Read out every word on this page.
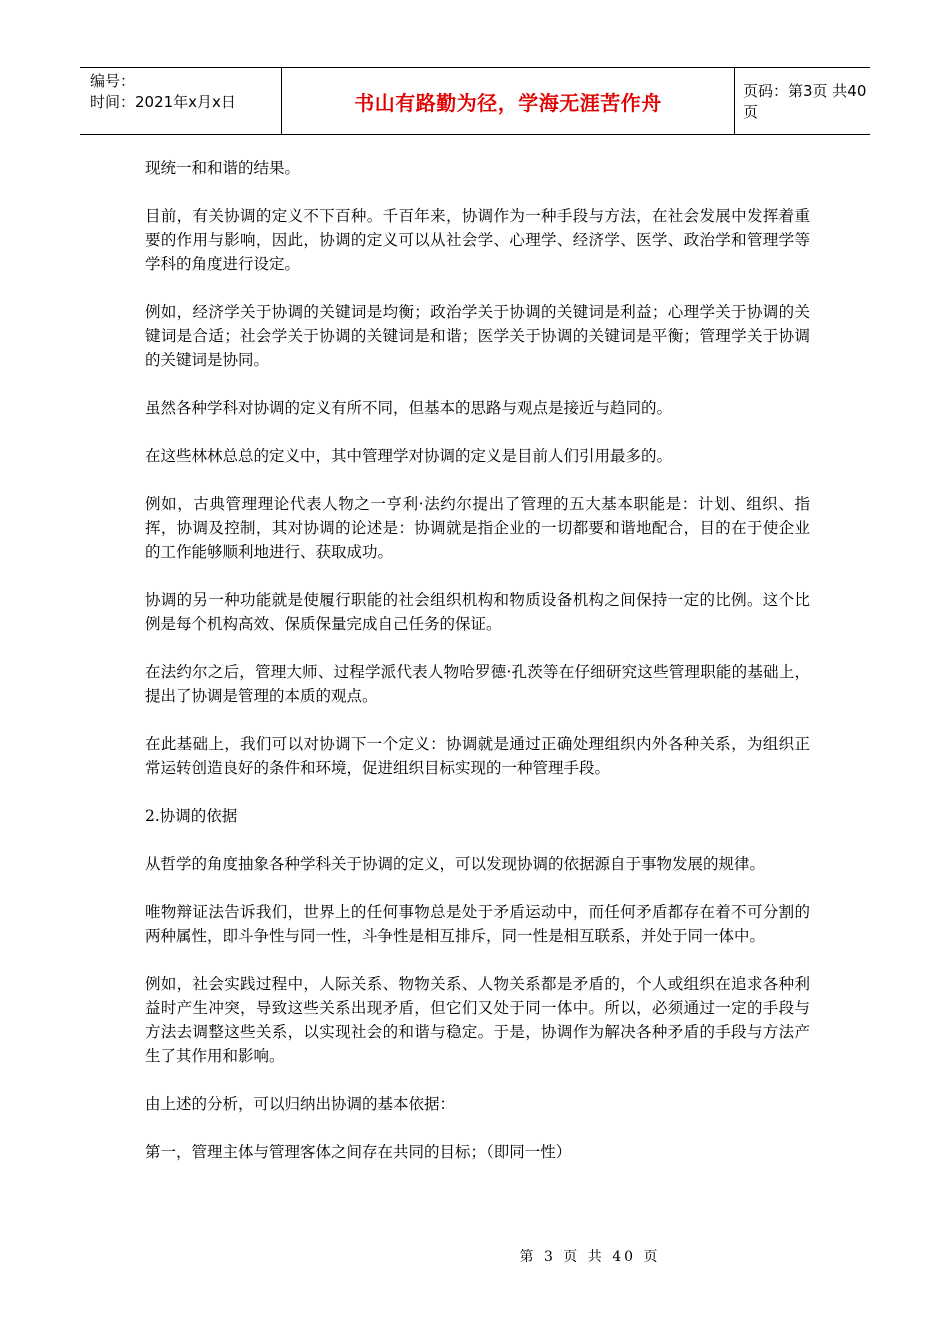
编号：
时间：2021年x月x日	书山有路勤为径，学海无涯苦作舟	页码：第3页 共40页

现统一和和谐的结果。

目前，有关协调的定义不下百种。千百年来，协调作为一种手段与方法，在社会发展中发挥着重要的作用与影响，因此，协调的定义可以从社会学、心理学、经济学、医学、政治学和管理学等学科的角度进行设定。

例如，经济学关于协调的关键词是均衡；政治学关于协调的关键词是利益；心理学关于协调的关键词是合适；社会学关于协调的关键词是和谐；医学关于协调的关键词是平衡；管理学关于协调的关键词是协同。

虽然各种学科对协调的定义有所不同，但基本的思路与观点是接近与趋同的。

在这些林林总总的定义中，其中管理学对协调的定义是目前人们引用最多的。

例如，古典管理理论代表人物之一亨利·法约尔提出了管理的五大基本职能是：计划、组织、指挥，协调及控制，其对协调的论述是：协调就是指企业的一切都要和谐地配合，目的在于使企业的工作能够顺利地进行、获取成功。

协调的另一种功能就是使履行职能的社会组织机构和物质设备机构之间保持一定的比例。这个比例是每个机构高效、保质保量完成自己任务的保证。

在法约尔之后，管理大师、过程学派代表人物哈罗德·孔茨等在仔细研究这些管理职能的基础上，提出了协调是管理的本质的观点。

在此基础上，我们可以对协调下一个定义：协调就是通过正确处理组织内外各种关系，为组织正常运转创造良好的条件和环境，促进组织目标实现的一种管理手段。

2.协调的依据

从哲学的角度抽象各种学科关于协调的定义，可以发现协调的依据源自于事物发展的规律。

唯物辩证法告诉我们，世界上的任何事物总是处于矛盾运动中，而任何矛盾都存在着不可分割的两种属性，即斗争性与同一性，斗争性是相互排斥，同一性是相互联系，并处于同一体中。

例如，社会实践过程中，人际关系、物物关系、人物关系都是矛盾的，个人或组织在追求各种利益时产生冲突，导致这些关系出现矛盾，但它们又处于同一体中。所以，必须通过一定的手段与方法去调整这些关系，以实现社会的和谐与稳定。于是，协调作为解决各种矛盾的手段与方法产生了其作用和影响。

由上述的分析，可以归纳出协调的基本依据：

第一，管理主体与管理客体之间存在共同的目标；（即同一性）

第 3 页 共 40 页
